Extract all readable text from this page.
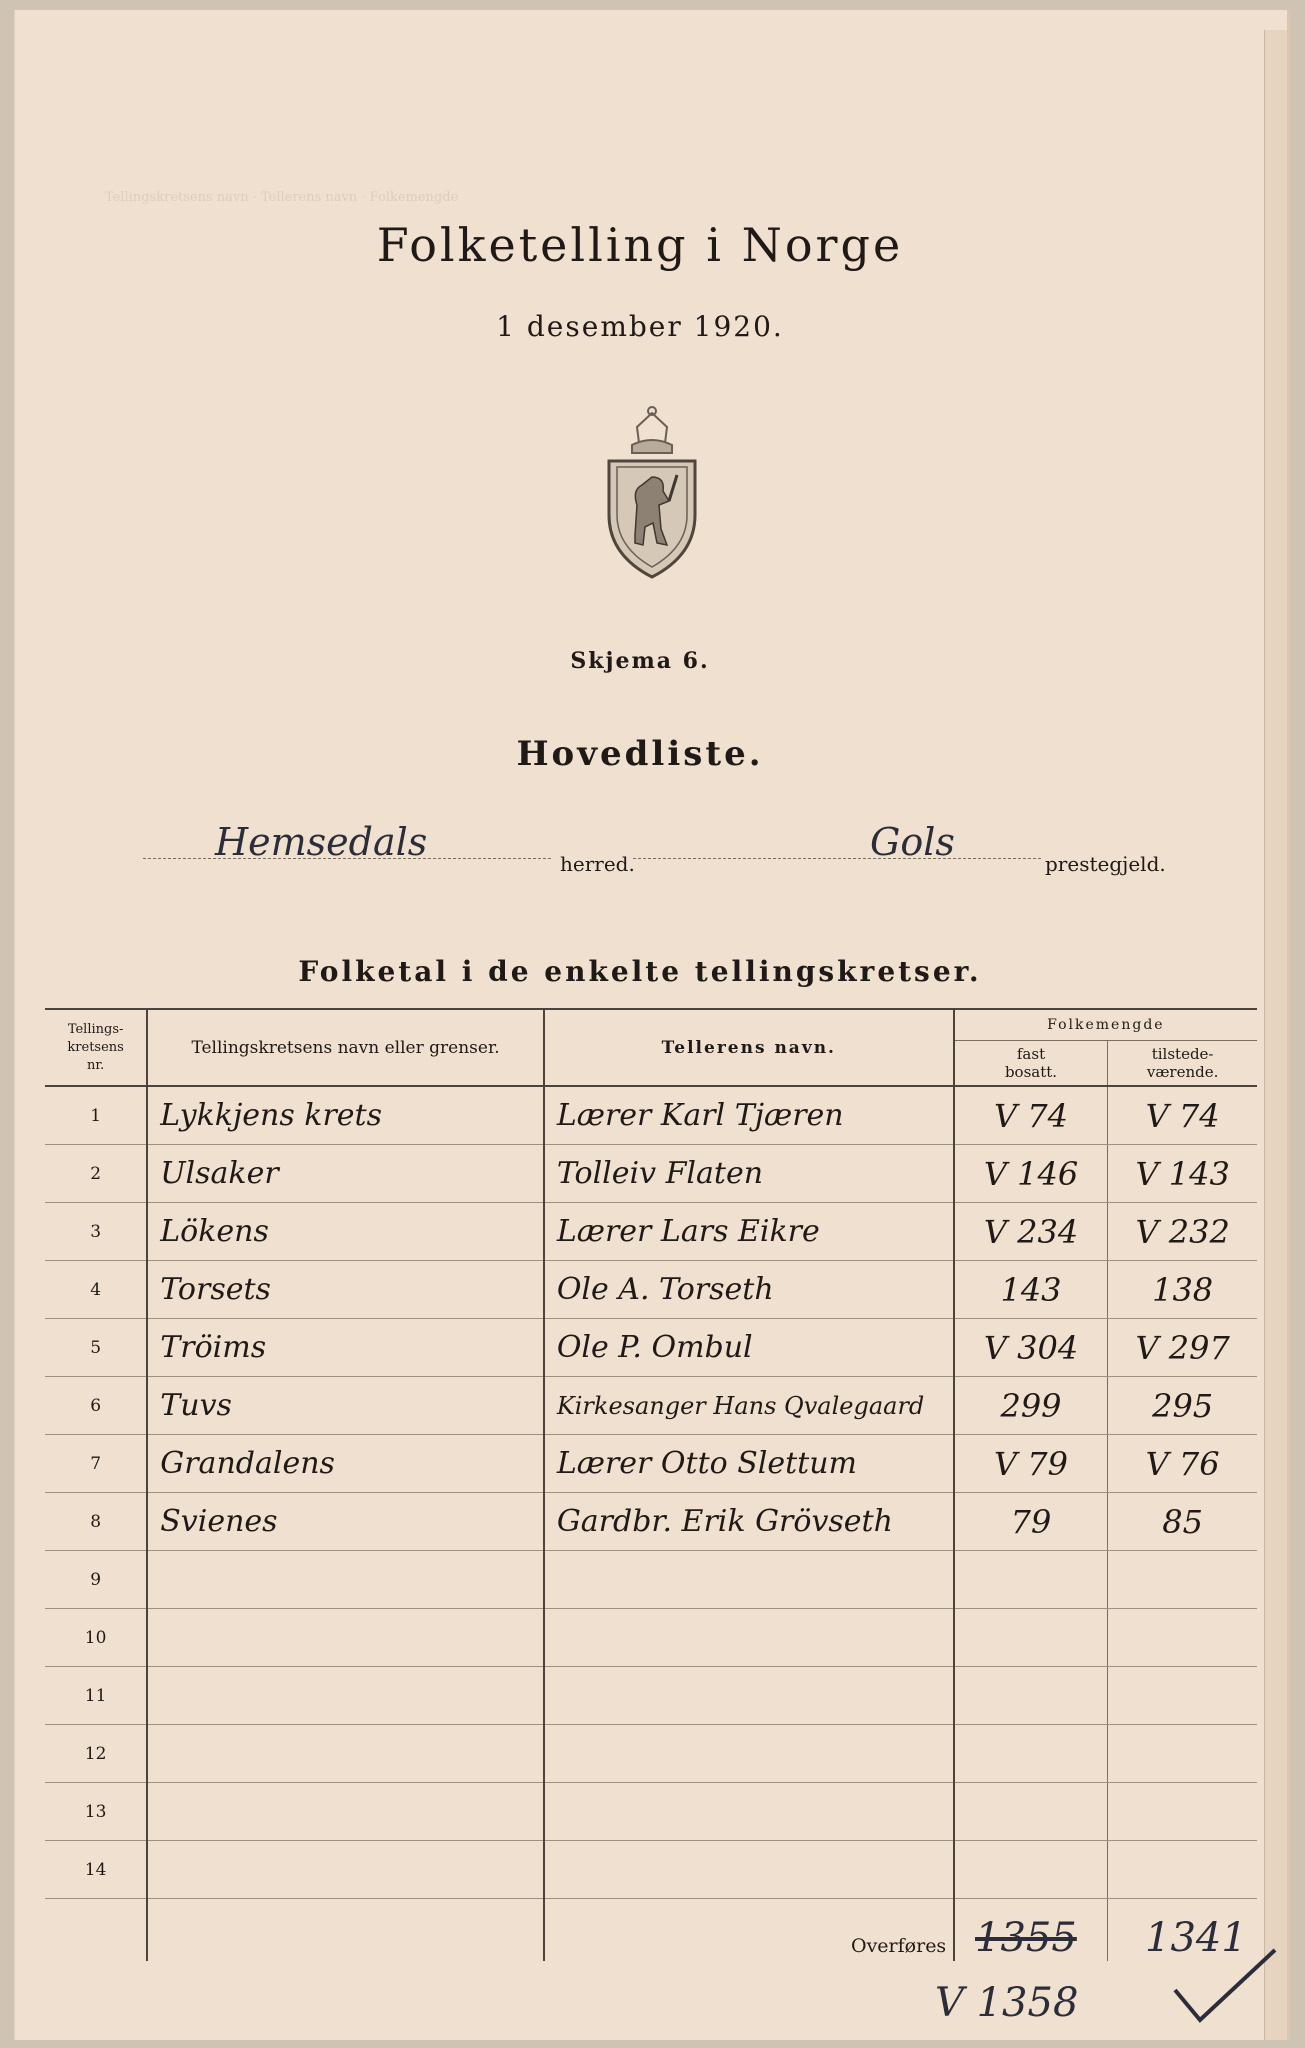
Tellingskretsens navn · Tellerens navn · Folkemengde
Folketelling i Norge
1 desember 1920.
Skjema 6.
Hovedliste.
Hemsedals	herred.	Gols	prestegjeld.
Folketal i de enkelte tellingskretser.
Tellings-
kretsens
nr.	Tellingskretsens navn eller grenser.	Tellerens navn.	Folkemengde	
			fast
bosatt.	tilstede-
værende.
1	Lykkjens krets	Lærer Karl Tjæren	V 74	V 74
2	Ulsaker	Tolleiv Flaten	V 146	V 143
3	Lökens	Lærer Lars Eikre	V 234	V 232
4	Torsets	Ole A. Torseth	143	138
5	Tröims	Ole P. Ombul	V 304	V 297
6	Tuvs	Kirkesanger Hans Qvalegaard	299	295
7	Grandalens	Lærer Otto Slettum	V 79	V 76
8	Svienes	Gardbr. Erik Grövseth	79	85
9				
10				
11				
12				
13				
14				

Overføres 1355 1341
V 1358
